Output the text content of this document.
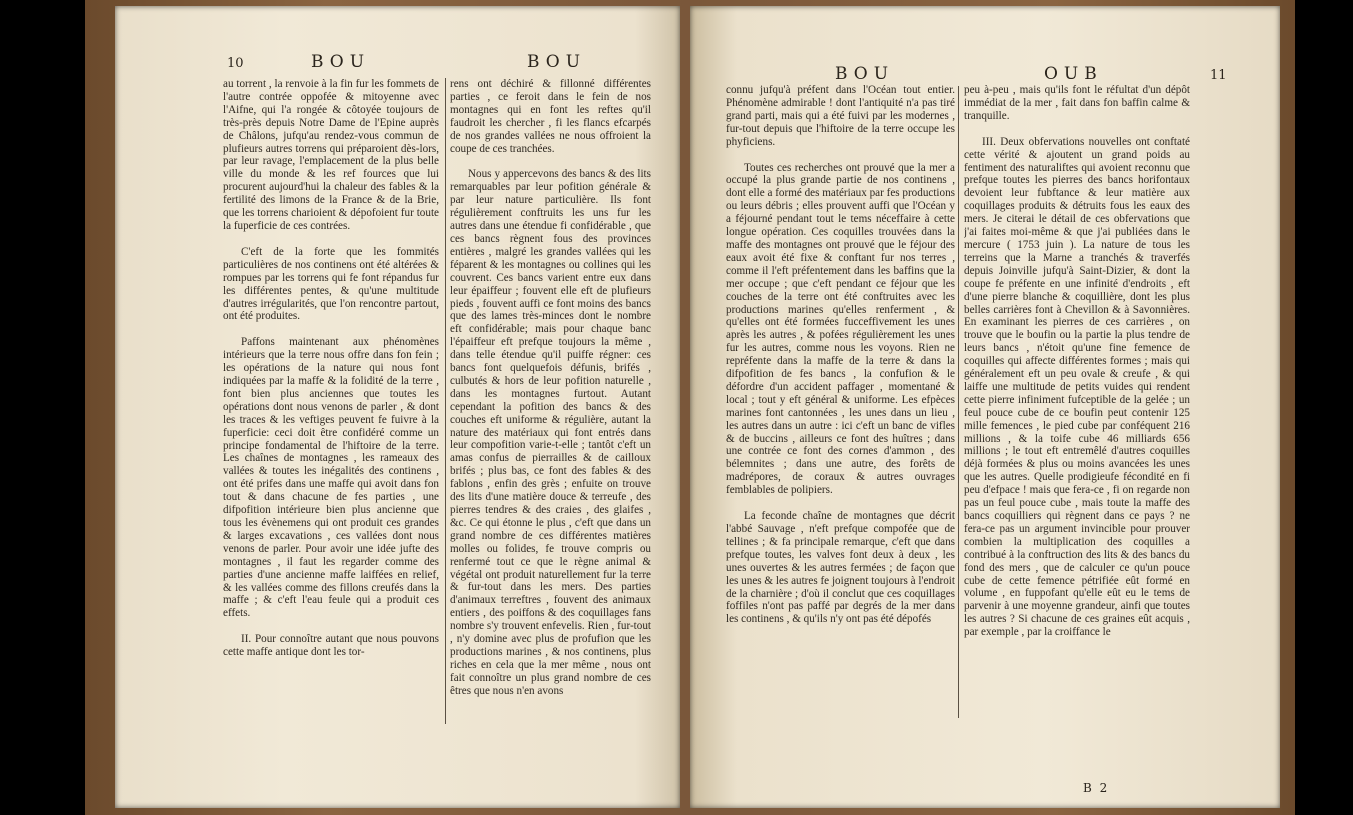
10	BOU	BOU

au torrent , la renvoie à la fin fur les fommets de l'autre contrée oppofée & mitoyenne avec l'Aifne, qui l'a rongée & côtoyée toujours de très-près depuis Notre Dame de l'Epine auprès de Châlons, jufqu'au rendez-vous commun de plufieurs autres torrens qui préparoient dès-lors, par leur ravage, l'emplacement de la plus belle ville du monde & les ref fources que lui procurent aujourd'hui la chaleur des fables & la fertilité des limons de la France & de la Brie, que les torrens charioient & dépofoient fur toute la fuperficie de ces contrées.

C'eft de la forte que les fommités particulières de nos continens ont été altérées & rompues par les torrens qui fe font répandus fur les différentes pentes, & qu'une multitude d'autres irrégularités, que l'on rencontre partout, ont été produites.

Paffons maintenant aux phénomènes intérieurs que la terre nous offre dans fon fein ; les opérations de la nature qui nous font indiquées par la maffe & la folidité de la terre , font bien plus anciennes que toutes les opérations dont nous venons de parler , & dont les traces & les veftiges peuvent fe fuivre à la fuperficie: ceci doit être confidéré comme un principe fondamental de l'hiftoire de la terre. Les chaînes de montagnes , les rameaux des vallées & toutes les inégalités des continens , ont été prifes dans une maffe qui avoit dans fon tout & dans chacune de fes parties , une difpofition intérieure bien plus ancienne que tous les évènemens qui ont produit ces grandes & larges excavations , ces vallées dont nous venons de parler. Pour avoir une idée jufte des montagnes , il faut les regarder comme des parties d'une ancienne maffe laiffées en relief, & les vallées comme des fillons creufés dans la maffe ; & c'eft l'eau feule qui a produit ces effets.

II. Pour connoître autant que nous pouvons cette maffe antique dont les tor-

rens ont déchiré & fillonné différentes parties , ce feroit dans le fein de nos montagnes qui en font les reftes qu'il faudroit les chercher , fi les flancs efcarpés de nos grandes vallées ne nous offroient la coupe de ces tranchées.

Nous y appercevons des bancs & des lits remarquables par leur pofition générale & par leur nature particulière. Ils font régulièrement conftruits les uns fur les autres dans une étendue fi confidérable , que ces bancs règnent fous des provinces entières , malgré les grandes vallées qui les féparent & les montagnes ou collines qui les couvrent. Ces bancs varient entre eux dans leur épaiffeur ; fouvent elle eft de plufieurs pieds , fouvent auffi ce font moins des bancs que des lames très-minces dont le nombre eft confidérable; mais pour chaque banc l'épaiffeur eft prefque toujours la même , dans telle étendue qu'il puiffe régner: ces bancs font quelquefois défunis, brifés , culbutés & hors de leur pofition naturelle , dans les montagnes furtout. Autant cependant la pofition des bancs & des couches eft uniforme & régulière, autant la nature des matériaux qui font entrés dans leur compofition varie-t-elle ; tantôt c'eft un amas confus de pierrailles & de cailloux brifés ; plus bas, ce font des fables & des fablons , enfin des grès ; enfuite on trouve des lits d'une matière douce & terreufe , des pierres tendres & des craies , des glaifes , &c. Ce qui étonne le plus , c'eft que dans un grand nombre de ces différentes matières molles ou folides, fe trouve compris ou renfermé tout ce que le règne animal & végétal ont produit naturellement fur la terre & fur-tout dans les mers. Des parties d'animaux terreftres , fouvent des animaux entiers , des poiffons & des coquillages fans nombre s'y trouvent enfevelis. Rien , fur-tout , n'y domine avec plus de profufion que les productions marines , & nos continens, plus riches en cela que la mer même , nous ont fait connoître un plus grand nombre de ces êtres que nous n'en avons

BOU	OUB	11

connu jufqu'à préfent dans l'Océan tout entier. Phénomène admirable ! dont l'antiquité n'a pas tiré grand parti, mais qui a été fuivi par les modernes , fur-tout depuis que l'hiftoire de la terre occupe les phyficiens.

Toutes ces recherches ont prouvé que la mer a occupé la plus grande partie de nos continens , dont elle a formé des matériaux par fes productions ou leurs débris ; elles prouvent auffi que l'Océan y a féjourné pendant tout le tems néceffaire à cette longue opération. Ces coquilles trouvées dans la maffe des montagnes ont prouvé que le féjour des eaux avoit été fixe & conftant fur nos terres , comme il l'eft préfentement dans les baffins que la mer occupe ; que c'eft pendant ce féjour que les couches de la terre ont été conftruites avec les productions marines qu'elles renferment , & qu'elles ont été formées fucceffivement les unes après les autres , & pofées régulièrement les unes fur les autres, comme nous les voyons. Rien ne repréfente dans la maffe de la terre & dans la difpofition de fes bancs , la confufion & le défordre d'un accident paffager , momentané & local ; tout y eft général & uniforme. Les efpèces marines font cantonnées , les unes dans un lieu , les autres dans un autre : ici c'eft un banc de vifles & de buccins , ailleurs ce font des huîtres ; dans une contrée ce font des cornes d'ammon , des bélemnites ; dans une autre, des forêts de madrépores, de coraux & autres ouvrages femblables de polipiers.

La feconde chaîne de montagnes que décrit l'abbé Sauvage , n'eft prefque compofée que de tellines ; & fa principale remarque, c'eft que dans prefque toutes, les valves font deux à deux , les unes ouvertes & les autres fermées ; de façon que les unes & les autres fe joignent toujours à l'endroit de la charnière ; d'où il conclut que ces coquillages foffiles n'ont pas paffé par degrés de la mer dans les continens , & qu'ils n'y ont pas été dépofés

peu à-peu , mais qu'ils font le réfultat d'un dépôt immédiat de la mer , fait dans fon baffin calme & tranquille.

III. Deux obfervations nouvelles ont conftaté cette vérité & ajoutent un grand poids au fentiment des naturaliftes qui avoient reconnu que prefque toutes les pierres des bancs horifontaux devoient leur fubftance & leur matière aux coquillages produits & détruits fous les eaux des mers. Je citerai le détail de ces obfervations que j'ai faites moi-même & que j'ai publiées dans le mercure ( 1753 juin ). La nature de tous les terreins que la Marne a tranchés & traverfés depuis Joinville jufqu'à Saint-Dizier, & dont la coupe fe préfente en une infinité d'endroits , eft d'une pierre blanche & coquillière, dont les plus belles carrières font à Chevillon & à Savonnières. En examinant les pierres de ces carrières , on trouve que le boufin ou la partie la plus tendre de leurs bancs , n'étoit qu'une fine femence de coquilles qui affecte différentes formes ; mais qui généralement eft un peu ovale & creufe , & qui laiffe une multitude de petits vuides qui rendent cette pierre infiniment fufceptible de la gelée ; un feul pouce cube de ce boufin peut contenir 125 mille femences , le pied cube par conféquent 216 millions , & la toife cube 46 milliards 656 millions ; le tout eft entremêlé d'autres coquilles déjà formées & plus ou moins avancées les unes que les autres. Quelle prodigieufe fécondité en fi peu d'efpace ! mais que fera-ce , fi on regarde non pas un feul pouce cube , mais toute la maffe des bancs coquilliers qui règnent dans ce pays ? ne fera-ce pas un argument invincible pour prouver combien la multiplication des coquilles a contribué à la conftruction des lits & des bancs du fond des mers , que de calculer ce qu'un pouce cube de cette femence pétrifiée eût formé en volume , en fuppofant qu'elle eût eu le tems de parvenir à une moyenne grandeur, ainfi que toutes les autres ? Si chacune de ces graines eût acquis , par exemple , par la croiffance le

B 2
